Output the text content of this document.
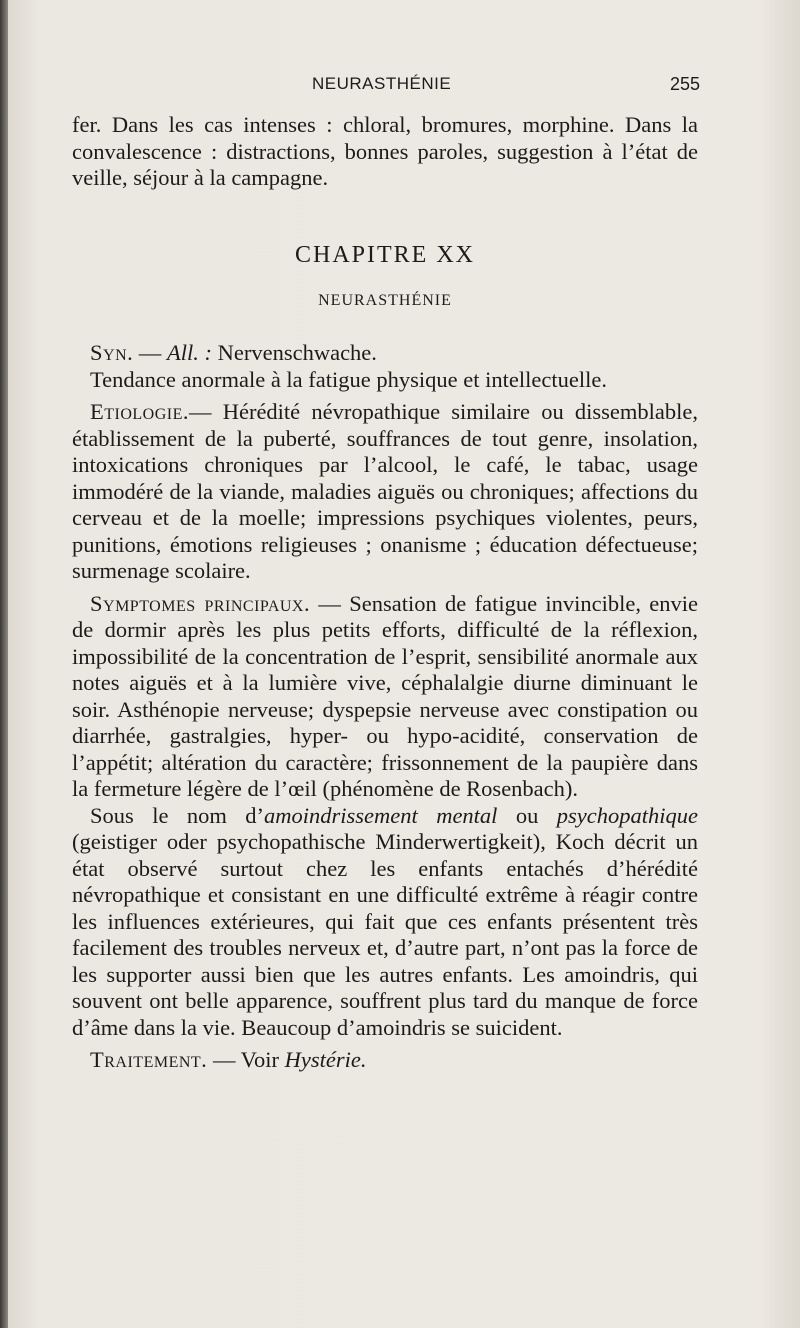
NEURASTHÉNIE	255

fer. Dans les cas intenses : chloral, bromures, morphine. Dans la convalescence : distractions, bonnes paroles, suggestion à l’état de veille, séjour à la campagne.

CHAPITRE XX
NEURASTHÉNIE

Syn. — All. : Nervenschwache.

Tendance anormale à la fatigue physique et intellectuelle.

Etiologie.— Hérédité névropathique similaire ou dissemblable, établissement de la puberté, souffrances de tout genre, insolation, intoxications chroniques par l’alcool, le café, le tabac, usage immodéré de la viande, maladies aiguës ou chroniques; affections du cerveau et de la moelle; impressions psychiques violentes, peurs, punitions, émotions religieuses ; onanisme ; éducation défectueuse; surmenage scolaire.

Symptomes principaux. — Sensation de fatigue invincible, envie de dormir après les plus petits efforts, difficulté de la réflexion, impossibilité de la concentration de l’esprit, sensibilité anormale aux notes aiguës et à la lumière vive, céphalalgie diurne diminuant le soir. Asthénopie nerveuse; dyspepsie nerveuse avec constipation ou diarrhée, gastralgies, hyper- ou hypo-acidité, conservation de l’appétit; altération du caractère; frissonnement de la paupière dans la fermeture légère de l’œil (phénomène de Rosenbach).

Sous le nom d’amoindrissement mental ou psychopathique (geistiger oder psychopathische Minderwertigkeit), Koch décrit un état observé surtout chez les enfants entachés d’hérédité névropathique et consistant en une difficulté extrême à réagir contre les influences extérieures, qui fait que ces enfants présentent très facilement des troubles nerveux et, d’autre part, n’ont pas la force de les supporter aussi bien que les autres enfants. Les amoindris, qui souvent ont belle apparence, souffrent plus tard du manque de force d’âme dans la vie. Beaucoup d’amoindris se suicident.

Traitement. — Voir Hystérie.
